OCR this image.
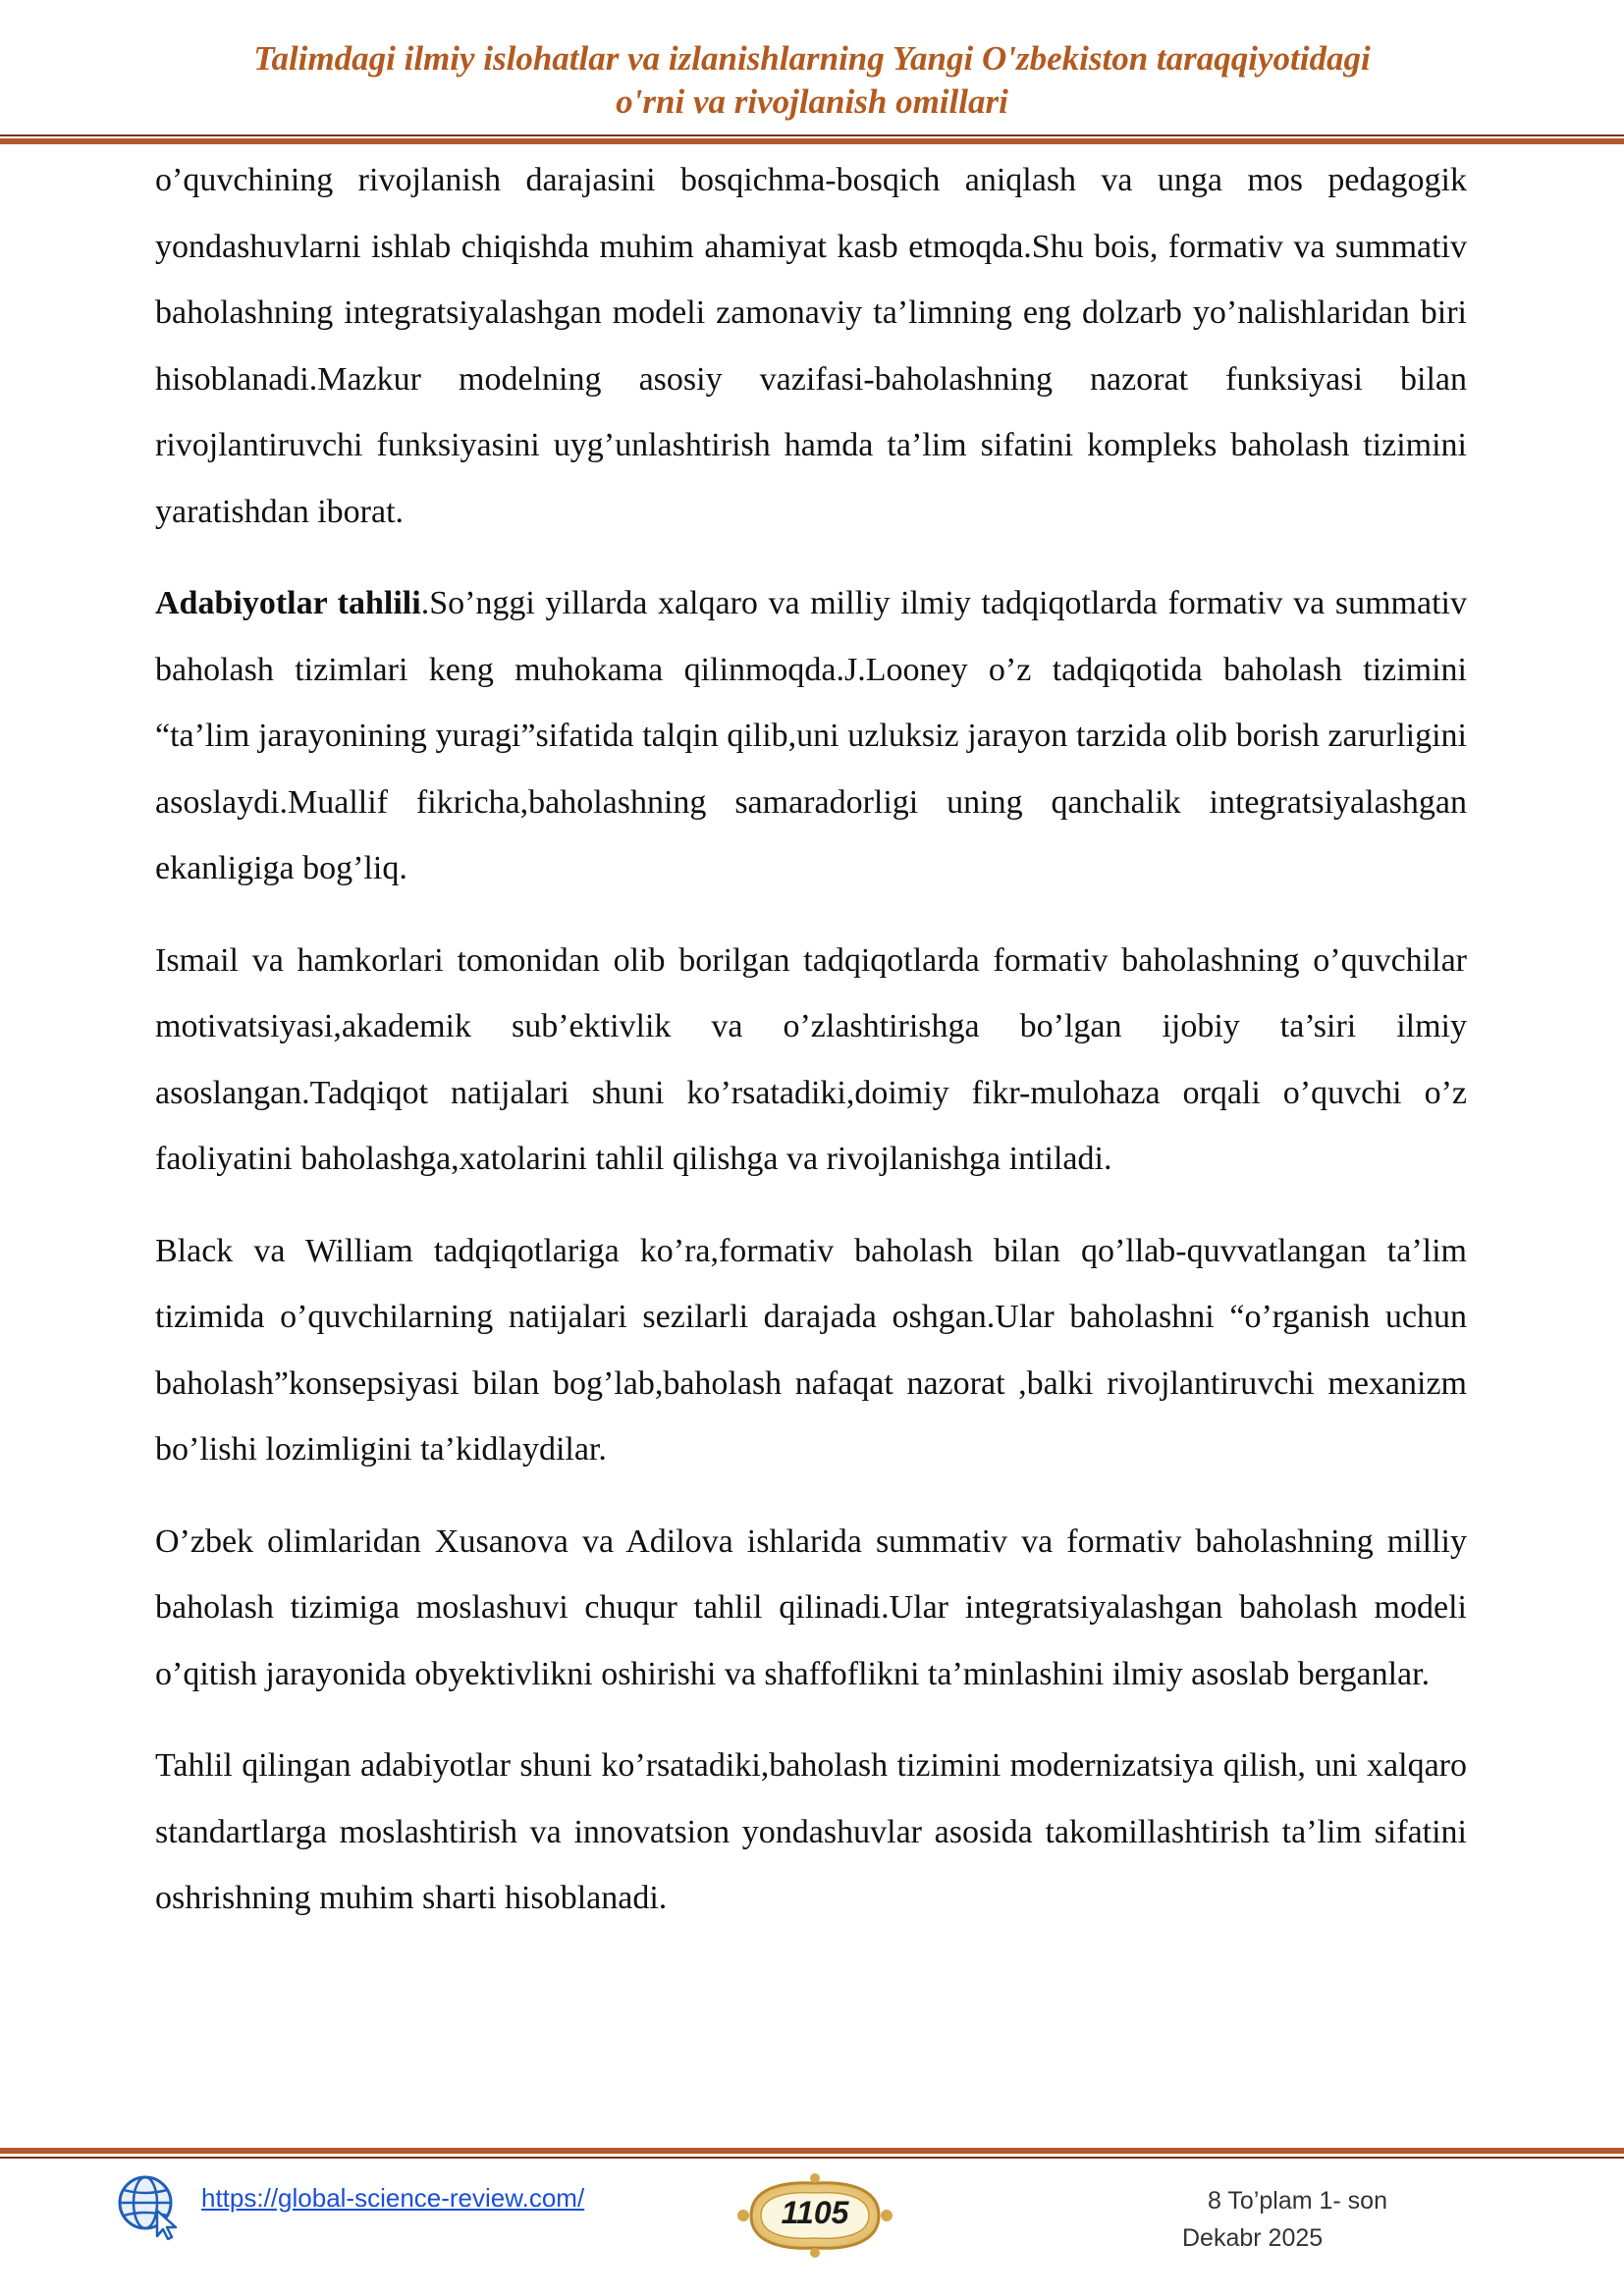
Talimdagi ilmiy islohatlar va izlanishlarning Yangi O'zbekiston taraqqiyotidagi
o'rni va rivojlanish omillari

o’quvchining rivojlanish darajasini bosqichma-bosqich aniqlash va unga mos pedagogik yondashuvlarni ishlab chiqishda muhim ahamiyat kasb etmoqda.Shu bois, formativ va summativ baholashning integratsiyalashgan modeli zamonaviy ta’limning eng dolzarb yo’nalishlaridan biri hisoblanadi.Mazkur modelning asosiy vazifasi-baholashning nazorat funksiyasi bilan rivojlantiruvchi funksiyasini uyg’unlashtirish hamda ta’lim sifatini kompleks baholash tizimini yaratishdan iborat.

Adabiyotlar tahlili.So’nggi yillarda xalqaro va milliy ilmiy tadqiqotlarda formativ va summativ baholash tizimlari keng muhokama qilinmoqda.J.Looney o’z tadqiqotida baholash tizimini “ta’lim jarayonining yuragi”sifatida talqin qilib,uni uzluksiz jarayon tarzida olib borish zarurligini asoslaydi.Muallif fikricha,baholashning samaradorligi uning qanchalik integratsiyalashgan ekanligiga bog’liq.

Ismail va hamkorlari tomonidan olib borilgan tadqiqotlarda formativ baholashning o’quvchilar motivatsiyasi,akademik sub’ektivlik va o’zlashtirishga bo’lgan ijobiy ta’siri ilmiy asoslangan.Tadqiqot natijalari shuni ko’rsatadiki,doimiy fikr-mulohaza orqali o’quvchi o’z faoliyatini baholashga,xatolarini tahlil qilishga va rivojlanishga intiladi.

Black va William tadqiqotlariga ko’ra,formativ baholash bilan qo’llab-quvvatlangan ta’lim tizimida o’quvchilarning natijalari sezilarli darajada oshgan.Ular baholashni “o’rganish uchun baholash”konsepsiyasi bilan bog’lab,baholash nafaqat nazorat ,balki rivojlantiruvchi mexanizm bo’lishi lozimligini ta’kidlaydilar.

O’zbek olimlaridan Xusanova va Adilova ishlarida summativ va formativ baholashning milliy baholash tizimiga moslashuvi chuqur tahlil qilinadi.Ular integratsiyalashgan baholash modeli o’qitish jarayonida obyektivlikni oshirishi va shaffoflikni ta’minlashini ilmiy asoslab berganlar.

Tahlil qilingan adabiyotlar shuni ko’rsatadiki,baholash tizimini modernizatsiya qilish, uni xalqaro standartlarga moslashtirish va innovatsion yondashuvlar asosida takomillashtirish ta’lim sifatini oshrishning muhim sharti hisoblanadi.

https://global-science-review.com/	1105	8 To’plam 1- son
Dekabr 2025
